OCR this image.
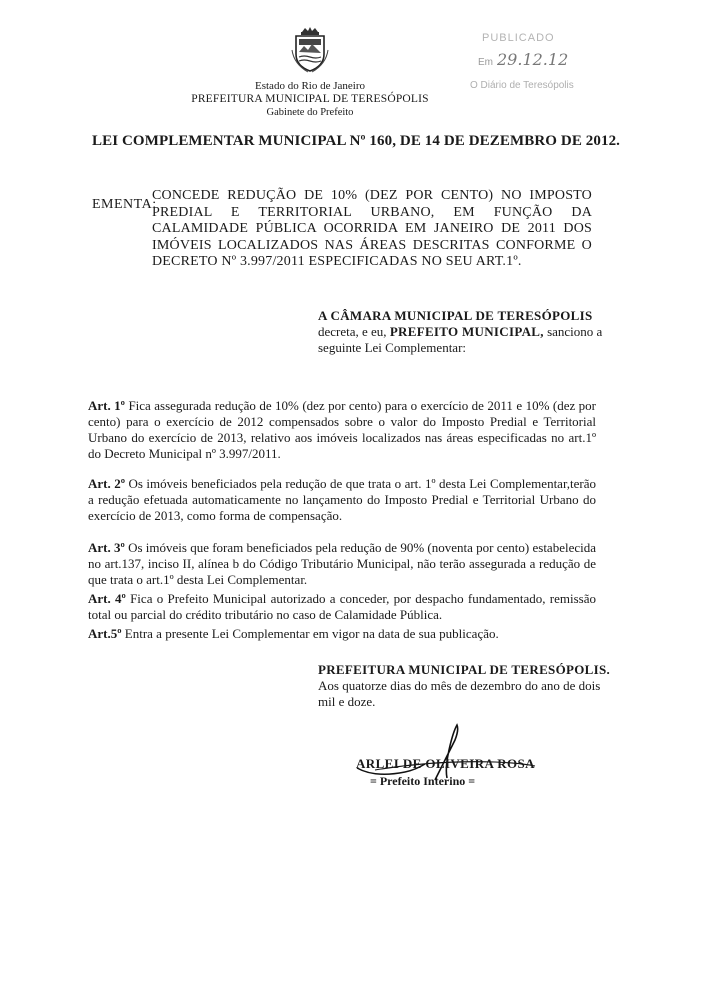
Estado do Rio de Janeiro
PREFEITURA MUNICIPAL DE TERESÓPOLIS
Gabinete do Prefeito
PUBLICADO
Em 29.12.12
O Diário de Teresópolis
LEI COMPLEMENTAR MUNICIPAL Nº 160, DE 14 DE DEZEMBRO DE 2012.
EMENTA:
CONCEDE REDUÇÃO DE 10% (DEZ POR CENTO) NO IMPOSTO PREDIAL E TERRITORIAL URBANO, EM FUNÇÃO DA CALAMIDADE PÚBLICA OCORRIDA EM JANEIRO DE 2011 DOS IMÓVEIS LOCALIZADOS NAS ÁREAS DESCRITAS CONFORME O DECRETO Nº 3.997/2011 ESPECIFICADAS NO SEU ART.1º.
A CÂMARA MUNICIPAL DE TERESÓPOLIS
decreta, e eu, PREFEITO MUNICIPAL, sanciono a seguinte Lei Complementar:
Art. 1º Fica assegurada redução de 10% (dez por cento) para o exercício de 2011 e 10% (dez por cento) para o exercício de 2012 compensados sobre o valor do Imposto Predial e Territorial Urbano do exercício de 2013, relativo aos imóveis localizados nas áreas especificadas no art.1º do Decreto Municipal nº 3.997/2011.
Art. 2º Os imóveis beneficiados pela redução de que trata o art. 1º desta Lei Complementar,terão a redução efetuada automaticamente no lançamento do Imposto Predial e Territorial Urbano do exercício de 2013, como forma de compensação.
Art. 3º Os imóveis que foram beneficiados pela redução de 90% (noventa por cento) estabelecida no art.137, inciso II, alínea b do Código Tributário Municipal, não terão assegurada a redução de que trata o art.1º desta Lei Complementar.
Art. 4º Fica o Prefeito Municipal autorizado a conceder, por despacho fundamentado, remissão total ou parcial do crédito tributário no caso de Calamidade Pública.
Art.5º Entra a presente Lei Complementar em vigor na data de sua publicação.
PREFEITURA MUNICIPAL DE TERESÓPOLIS.
Aos quatorze dias do mês de dezembro do ano de dois mil e doze.
ARLEI DE OLIVEIRA ROSA
= Prefeito Interino =
